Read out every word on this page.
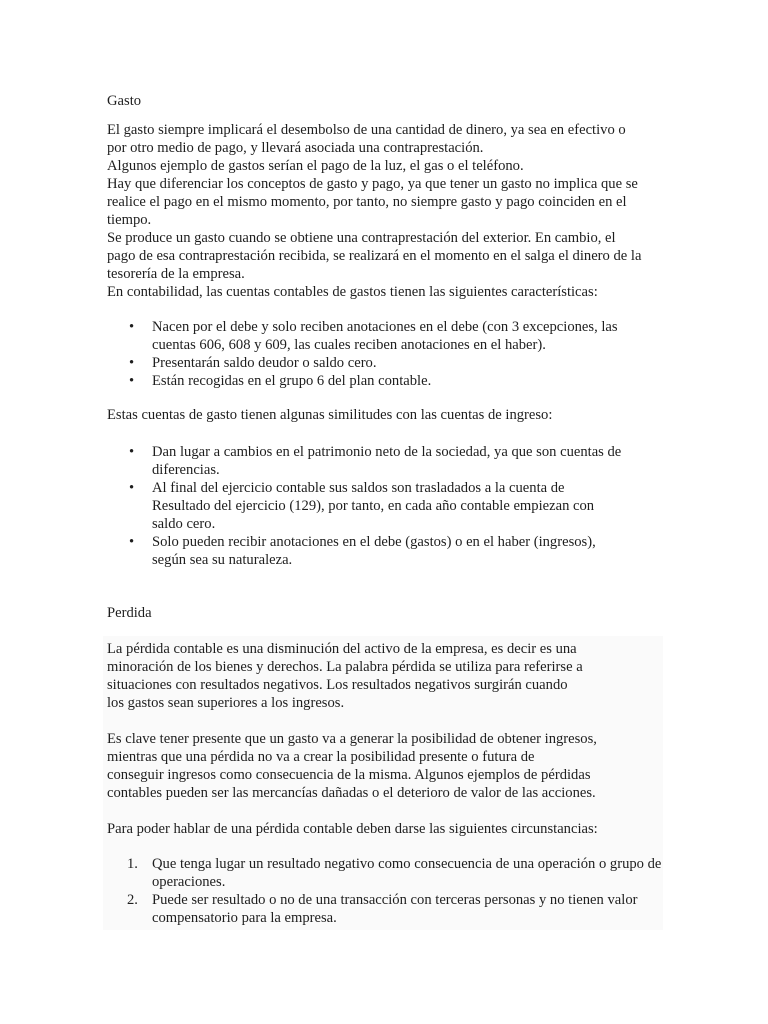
Gasto

El gasto siempre implicará el desembolso de una cantidad de dinero, ya sea en efectivo o

por otro medio de pago, y llevará asociada una contraprestación.

Algunos ejemplo de gastos serían el pago de la luz, el gas o el teléfono.

Hay que diferenciar los conceptos de gasto y pago, ya que tener un gasto no implica que se

realice el pago en el mismo momento, por tanto, no siempre gasto y pago coinciden en el

tiempo.

Se produce un gasto cuando se obtiene una contraprestación del exterior. En cambio, el

pago de esa contraprestación recibida, se realizará en el momento en el salga el dinero de la

tesorería de la empresa.

En contabilidad, las cuentas contables de gastos tienen las siguientes características:

• Nacen por el debe y solo reciben anotaciones en el debe (con 3 excepciones, las cuentas 606, 608 y 609, las cuales reciben anotaciones en el haber).
• Presentarán saldo deudor o saldo cero.
• Están recogidas en el grupo 6 del plan contable.

Estas cuentas de gasto tienen algunas similitudes con las cuentas de ingreso:

• Dan lugar a cambios en el patrimonio neto de la sociedad, ya que son cuentas de diferencias.
• Al final del ejercicio contable sus saldos son trasladados a la cuenta de Resultado del ejercicio (129), por tanto, en cada año contable empiezan con saldo cero.
• Solo pueden recibir anotaciones en el debe (gastos) o en el haber (ingresos), según sea su naturaleza.
Perdida

La pérdida contable es una disminución del activo de la empresa, es decir es una

minoración de los bienes y derechos. La palabra pérdida se utiliza para referirse a

situaciones con resultados negativos. Los resultados negativos surgirán cuando

los gastos sean superiores a los ingresos.

Es clave tener presente que un gasto va a generar la posibilidad de obtener ingresos,

mientras que una pérdida no va a crear la posibilidad presente o futura de

conseguir ingresos como consecuencia de la misma. Algunos ejemplos de pérdidas

contables pueden ser las mercancías dañadas o el deterioro de valor de las acciones.

Para poder hablar de una pérdida contable deben darse las siguientes circunstancias:

1. Que tenga lugar un resultado negativo como consecuencia de una operación o grupo de operaciones.
2. Puede ser resultado o no de una transacción con terceras personas y no tienen valor compensatorio para la empresa.
